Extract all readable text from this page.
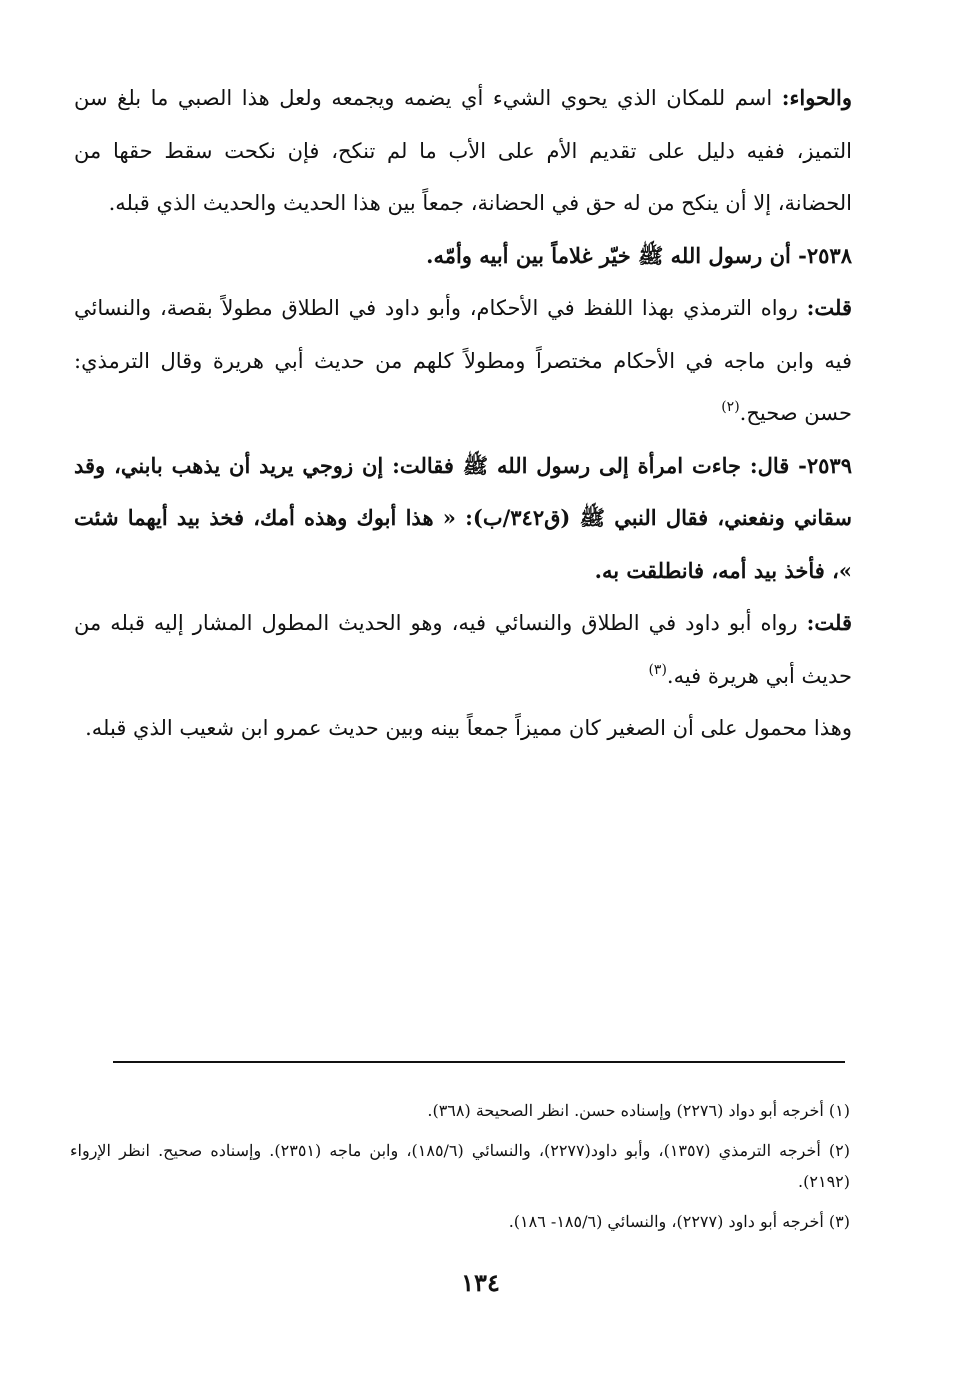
والحواء: اسم للمكان الذي يحوي الشيء أي يضمه ويجمعه ولعل هذا الصبي ما بلغ سن التميز، ففيه دليل على تقديم الأم على الأب ما لم تنكح، فإن نكحت سقط حقها من الحضانة، إلا أن ينكح من له حق في الحضانة، جمعاً بين هذا الحديث والحديث الذي قبله.

٢٥٣٨- أن رسول الله ﷺ خيّر غلاماً بين أبيه وأمّه.

قلت: رواه الترمذي بهذا اللفظ في الأحكام، وأبو داود في الطلاق مطولاً بقصة، والنسائي فيه وابن ماجه في الأحكام مختصراً ومطولاً كلهم من حديث أبي هريرة وقال الترمذي: حسن صحيح.$^{(٢)}$

٢٥٣٩- قال: جاءت امرأة إلى رسول الله ﷺ فقالت: إن زوجي يريد أن يذهب بابني، وقد سقاني ونفعني، فقال النبي ﷺ (ق٣٤٢/ب): « هذا أبوك وهذه أمك، فخذ بيد أيهما شئت »، فأخذ بيد أمه، فانطلقت به.

قلت: رواه أبو داود في الطلاق والنسائي فيه، وهو الحديث المطول المشار إليه قبله من حديث أبي هريرة فيه.$^{(٣)}$

وهذا محمول على أن الصغير كان مميزاً جمعاً بينه وبين حديث عمرو ابن شعيب الذي قبله.

(١) أخرجه أبو دواد (٢٢٧٦) وإسناده حسن. انظر الصحيحة (٣٦٨).

(٢) أخرجه الترمذي (١٣٥٧)، وأبو داود(٢٢٧٧)، والنسائي (١٨٥/٦)، وابن ماجه (٢٣٥١). وإسناده صحيح. انظر الإرواء (٢١٩٢).

(٣) أخرجه أبو داود (٢٢٧٧)، والنسائي (١٨٥/٦- ١٨٦).

١٣٤
